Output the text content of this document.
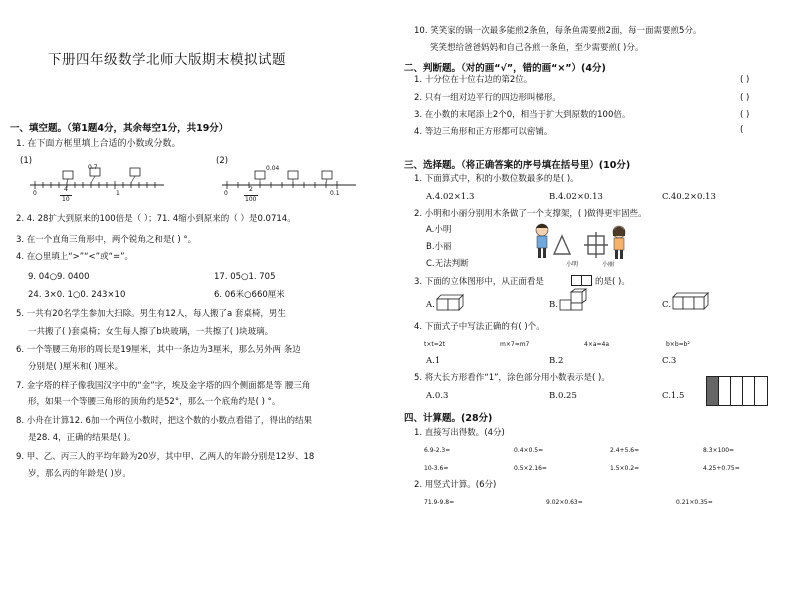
下册四年级数学北师大版期末模拟试题
一、填空题。（第1题4分，其余每空1分，共19分）
1. 在下面方框里填上合适的小数或分数。
(1)
0.7
0	1
4
10
(2)
0.04
0	0.1
2
100
2. 4. 28扩大到原来的100倍是（ ）；71. 4缩小到原来的（ ）是0.0714。
3. 在一个直角三角形中，两个锐角之和是( ) °。
4. 在○里填上“>”“<”或“=”。
9. 04○9. 0400	17. 05○1. 705
24. 3×0. 1○0. 243×10	6. 06米○660厘米
5. 一共有20名学生参加大扫除。男生有12人，每人搬了a 套桌椅，男生
一共搬了( )套桌椅；女生每人擦了b块玻璃，一共擦了( )块玻璃。
6. 一个等腰三角形的周长是19厘米，其中一条边为3厘米，那么另外两 条边
分别是( )厘米和( )厘米。
7. 金字塔的样子像我国汉字中的“金”字，埃及金字塔的四个侧面都是等 腰三角
形，如果一个等腰三角形的顶角约是52°，那么一个底角约是( ) °。
8. 小舟在计算12. 6加一个两位小数时，把这个数的小数点看错了，得出的结果
是28. 4，正确的结果是( )。
9. 甲、乙、丙三人的平均年龄为20岁，其中甲、乙两人的年龄分别是12岁、18
岁，那么丙的年龄是( )岁。
10. 笑笑家的锅一次最多能煎2条鱼，每条鱼需要煎2面，每一面需要煎5分。
笑笑想给爸爸妈妈和自己各煎一条鱼，至少需要煎( )分。
二、判断题。（对的画“√”，错的画“×”）(4分)
1. 十分位在十位右边的第2位。	( )
2. 只有一组对边平行的四边形叫梯形。	( )
3. 在小数的末尾添上2个0，相当于扩大到原数的100倍。	( )
4. 等边三角形和正方形都可以密铺。	(
三、选择题。（将正确答案的序号填在括号里）(10分)
1. 下面算式中，积的小数位数最多的是( )。
A.4.02×1.3	B.4.02×0.13	C.40.2×0.13
2. 小明和小丽分别用木条做了一个支撑架，( )做得更牢固些。
A.小明
B.小丽
C.无法判断	小明	小丽
3. 下面的立体图形中，从正面看是	的是( )。
A.	B.	C.
4. 下面式子中写法正确的有( )个。
t×t=2t	m×7=m7	4×a=4a	b×b=b²
A.1	B.2	C.3
5. 将大长方形看作“1”，涂色部分用小数表示是( )。
A.0.3	B.0.25	C.1.5
四、计算题。(28分)
1. 直接写出得数。(4分)
6.9-2.3=	0.4×0.5=	2.4+5.6=	8.3×100=
10-3.6=	0.5×2.16=	1.5×0.2=	4.25+0.75=
2. 用竖式计算。(6分)
71.9-9.8=	9.02×0.63=	0.21×0.35=
